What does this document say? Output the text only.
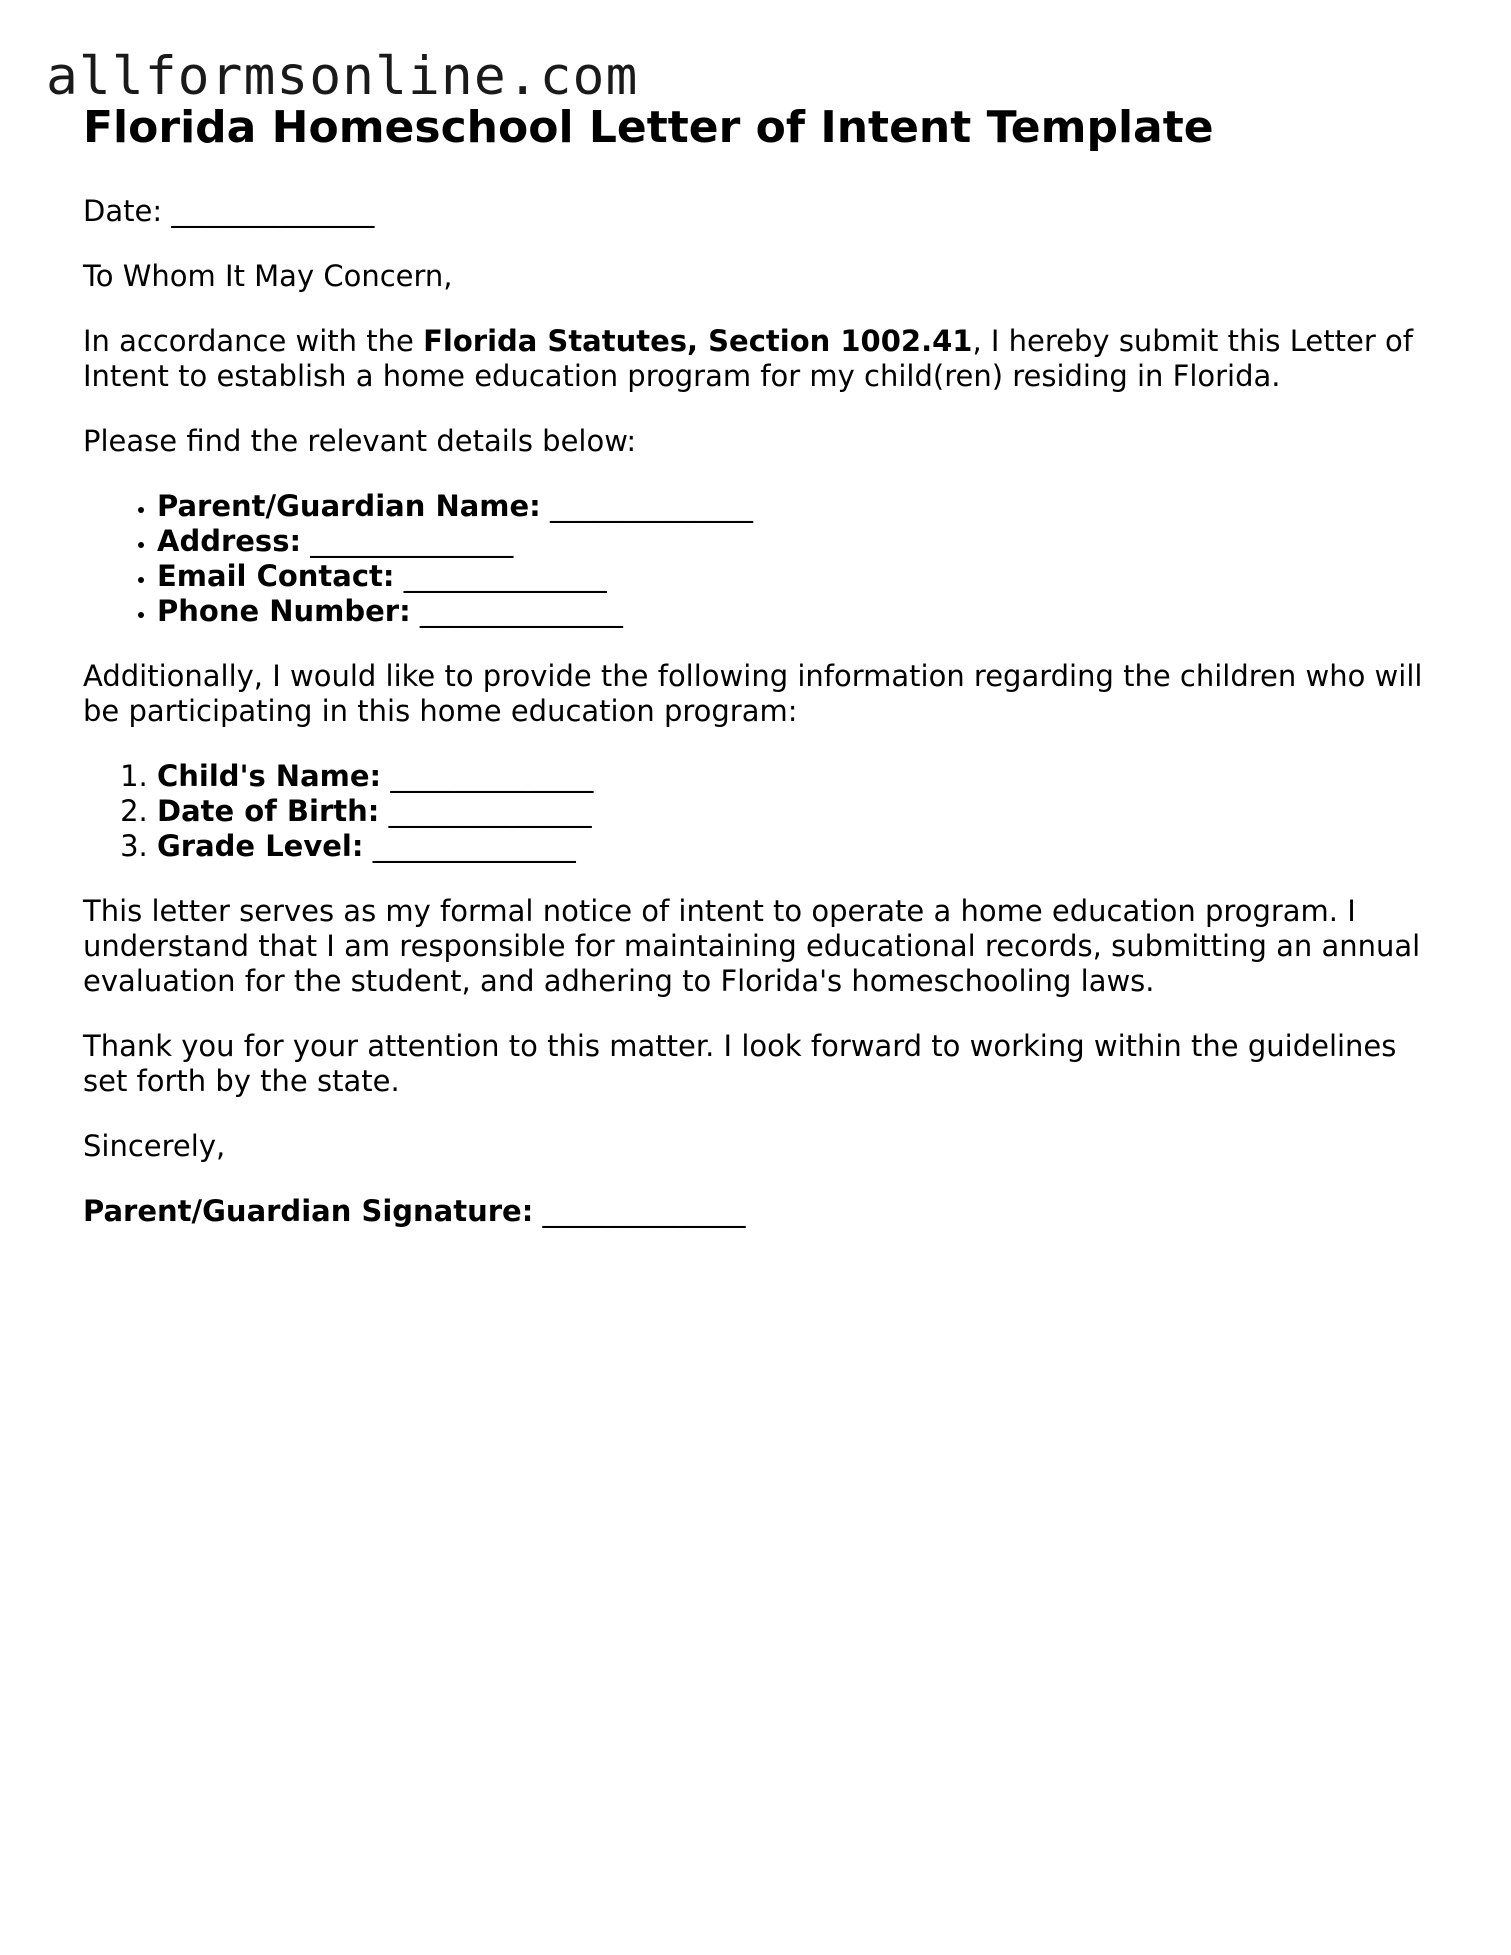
allformsonline.com
Florida Homeschool Letter of Intent Template

Date: ______________

To Whom It May Concern,

In accordance with the Florida Statutes, Section 1002.41, I hereby submit this Letter of Intent to establish a home education program for my child(ren) residing in Florida.

Please find the relevant details below:

• Parent/Guardian Name: ______________
• Address: ______________
• Email Contact: ______________
• Phone Number: ______________

Additionally, I would like to provide the following information regarding the children who will be participating in this home education program:

1. Child's Name: ______________
2. Date of Birth: ______________
3. Grade Level: ______________

This letter serves as my formal notice of intent to operate a home education program. I understand that I am responsible for maintaining educational records, submitting an annual evaluation for the student, and adhering to Florida's homeschooling laws.

Thank you for your attention to this matter. I look forward to working within the guidelines set forth by the state.

Sincerely,

Parent/Guardian Signature: ______________
